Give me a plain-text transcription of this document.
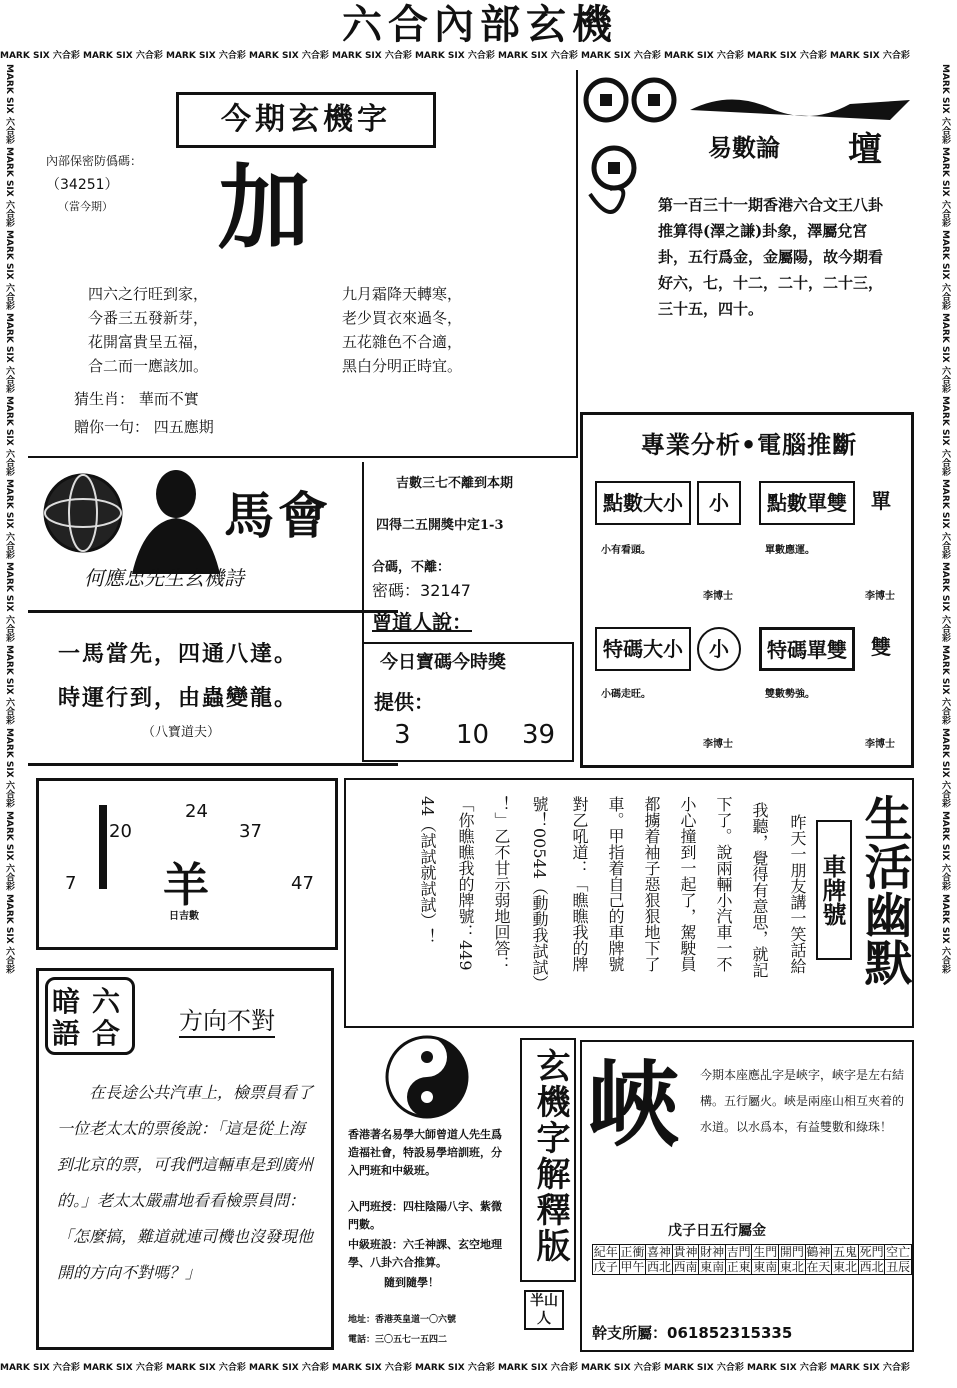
六合內部玄機
MARK SIX 六合彩 MARK SIX 六合彩 MARK SIX 六合彩 MARK SIX 六合彩 MARK SIX 六合彩 MARK SIX 六合彩 MARK SIX 六合彩 MARK SIX 六合彩 MARK SIX 六合彩 MARK SIX 六合彩 MARK SIX 六合彩
MARK SIX 六合彩 MARK SIX 六合彩 MARK SIX 六合彩 MARK SIX 六合彩 MARK SIX 六合彩 MARK SIX 六合彩 MARK SIX 六合彩 MARK SIX 六合彩 MARK SIX 六合彩 MARK SIX 六合彩 MARK SIX 六合彩
MARK SIX 六合彩 MARK SIX 六合彩 MARK SIX 六合彩 MARK SIX 六合彩 MARK SIX 六合彩 MARK SIX 六合彩 MARK SIX 六合彩 MARK SIX 六合彩 MARK SIX 六合彩 MARK SIX 六合彩 MARK SIX 六合彩	MARK SIX 六合彩 MARK SIX 六合彩 MARK SIX 六合彩 MARK SIX 六合彩 MARK SIX 六合彩 MARK SIX 六合彩 MARK SIX 六合彩 MARK SIX 六合彩 MARK SIX 六合彩 MARK SIX 六合彩 MARK SIX 六合彩
今期玄機字
內部保密防僞碼：
（34251）
（當今期） 加
四六之行旺到家，
今番三五發新芽，
花開富貴呈五福，
合二而一應該加。
九月霜降天轉寒，
老少買衣來過冬，
五花雜色不合適，
黑白分明正時宜。
猜生肖： 華而不實
贈你一句： 四五應期
易數論 壇
第一百三十一期香港六合文王八卦推算得(澤之謙)卦象，澤屬兌宮卦，五行爲金，金屬陽，故今期看好六，七，十二，二十，二十三，三十五，四十。
馬會
何應忠先生玄機詩
一馬當先，四通八達。
時運行到，由蟲變龍。
（八寶道夫）
吉數三七不離到本期
四得二五開獎中定1-3
合碼，不離：
密碼：32147
曾道人說：
今日寶碼今時獎
提供：
3 10 39
專業分析•電腦推斷
點數大小	小
小有看頭。
李博士
點數單雙	單
單數應運。
李博士
特碼大小	小
小碼走旺。
李博士
特碼單雙	雙
雙數勢強。
李博士
24
20	37
7	47
羊
日吉數	生活幽默
車牌號
昨天一朋友講一笑話給
我聽，覺得有意思，就記
下了。說兩輛小汽車一不
小心撞到一起了，駕駛員
都擄着袖子惡狠狠地下了
車。甲指着自己的車牌號
對乙吼道：「瞧瞧我的牌
號！00544（動動我試試）
！」乙不甘示弱地回答：
「你瞧瞧我的牌號：449
44（試試就試試）！
暗語
六合 方向不對
在長途公共汽車上，檢票員看了一位老太太的票後說：「這是從上海到北京的票，可我們這輛車是到廣州的。」老太太嚴肅地看看檢票員問：「怎麼搞，難道就連司機也沒發現他開的方向不對嗎？」
香港著名易學大師曾道人先生爲造福社會，特設易學培訓班，分入門班和中級班。
入門班授：四柱陰陽八字、紫微門數。
中級班設：六壬神課、玄空地理學、八卦六合推算。
隨到隨學！
地址：香港英皇道一〇六號
電話：三〇五七一五四二
玄機字解釋版
半山人
峽 今期本座應乩字是峽字，峽字是左右結構。五行屬火。峽是兩座山相互夾着的水道。以水爲本，有益雙數和綠珠！
戊子日五行屬金
紀年	正衝	喜神	貴神	財神	吉門	生門	開門	鶴神	五鬼	死門	空亡
戊子	甲午	西北	西南	東南	正東	東南	東北	在天	東北	西北	丑辰
幹支所屬：061852315335
